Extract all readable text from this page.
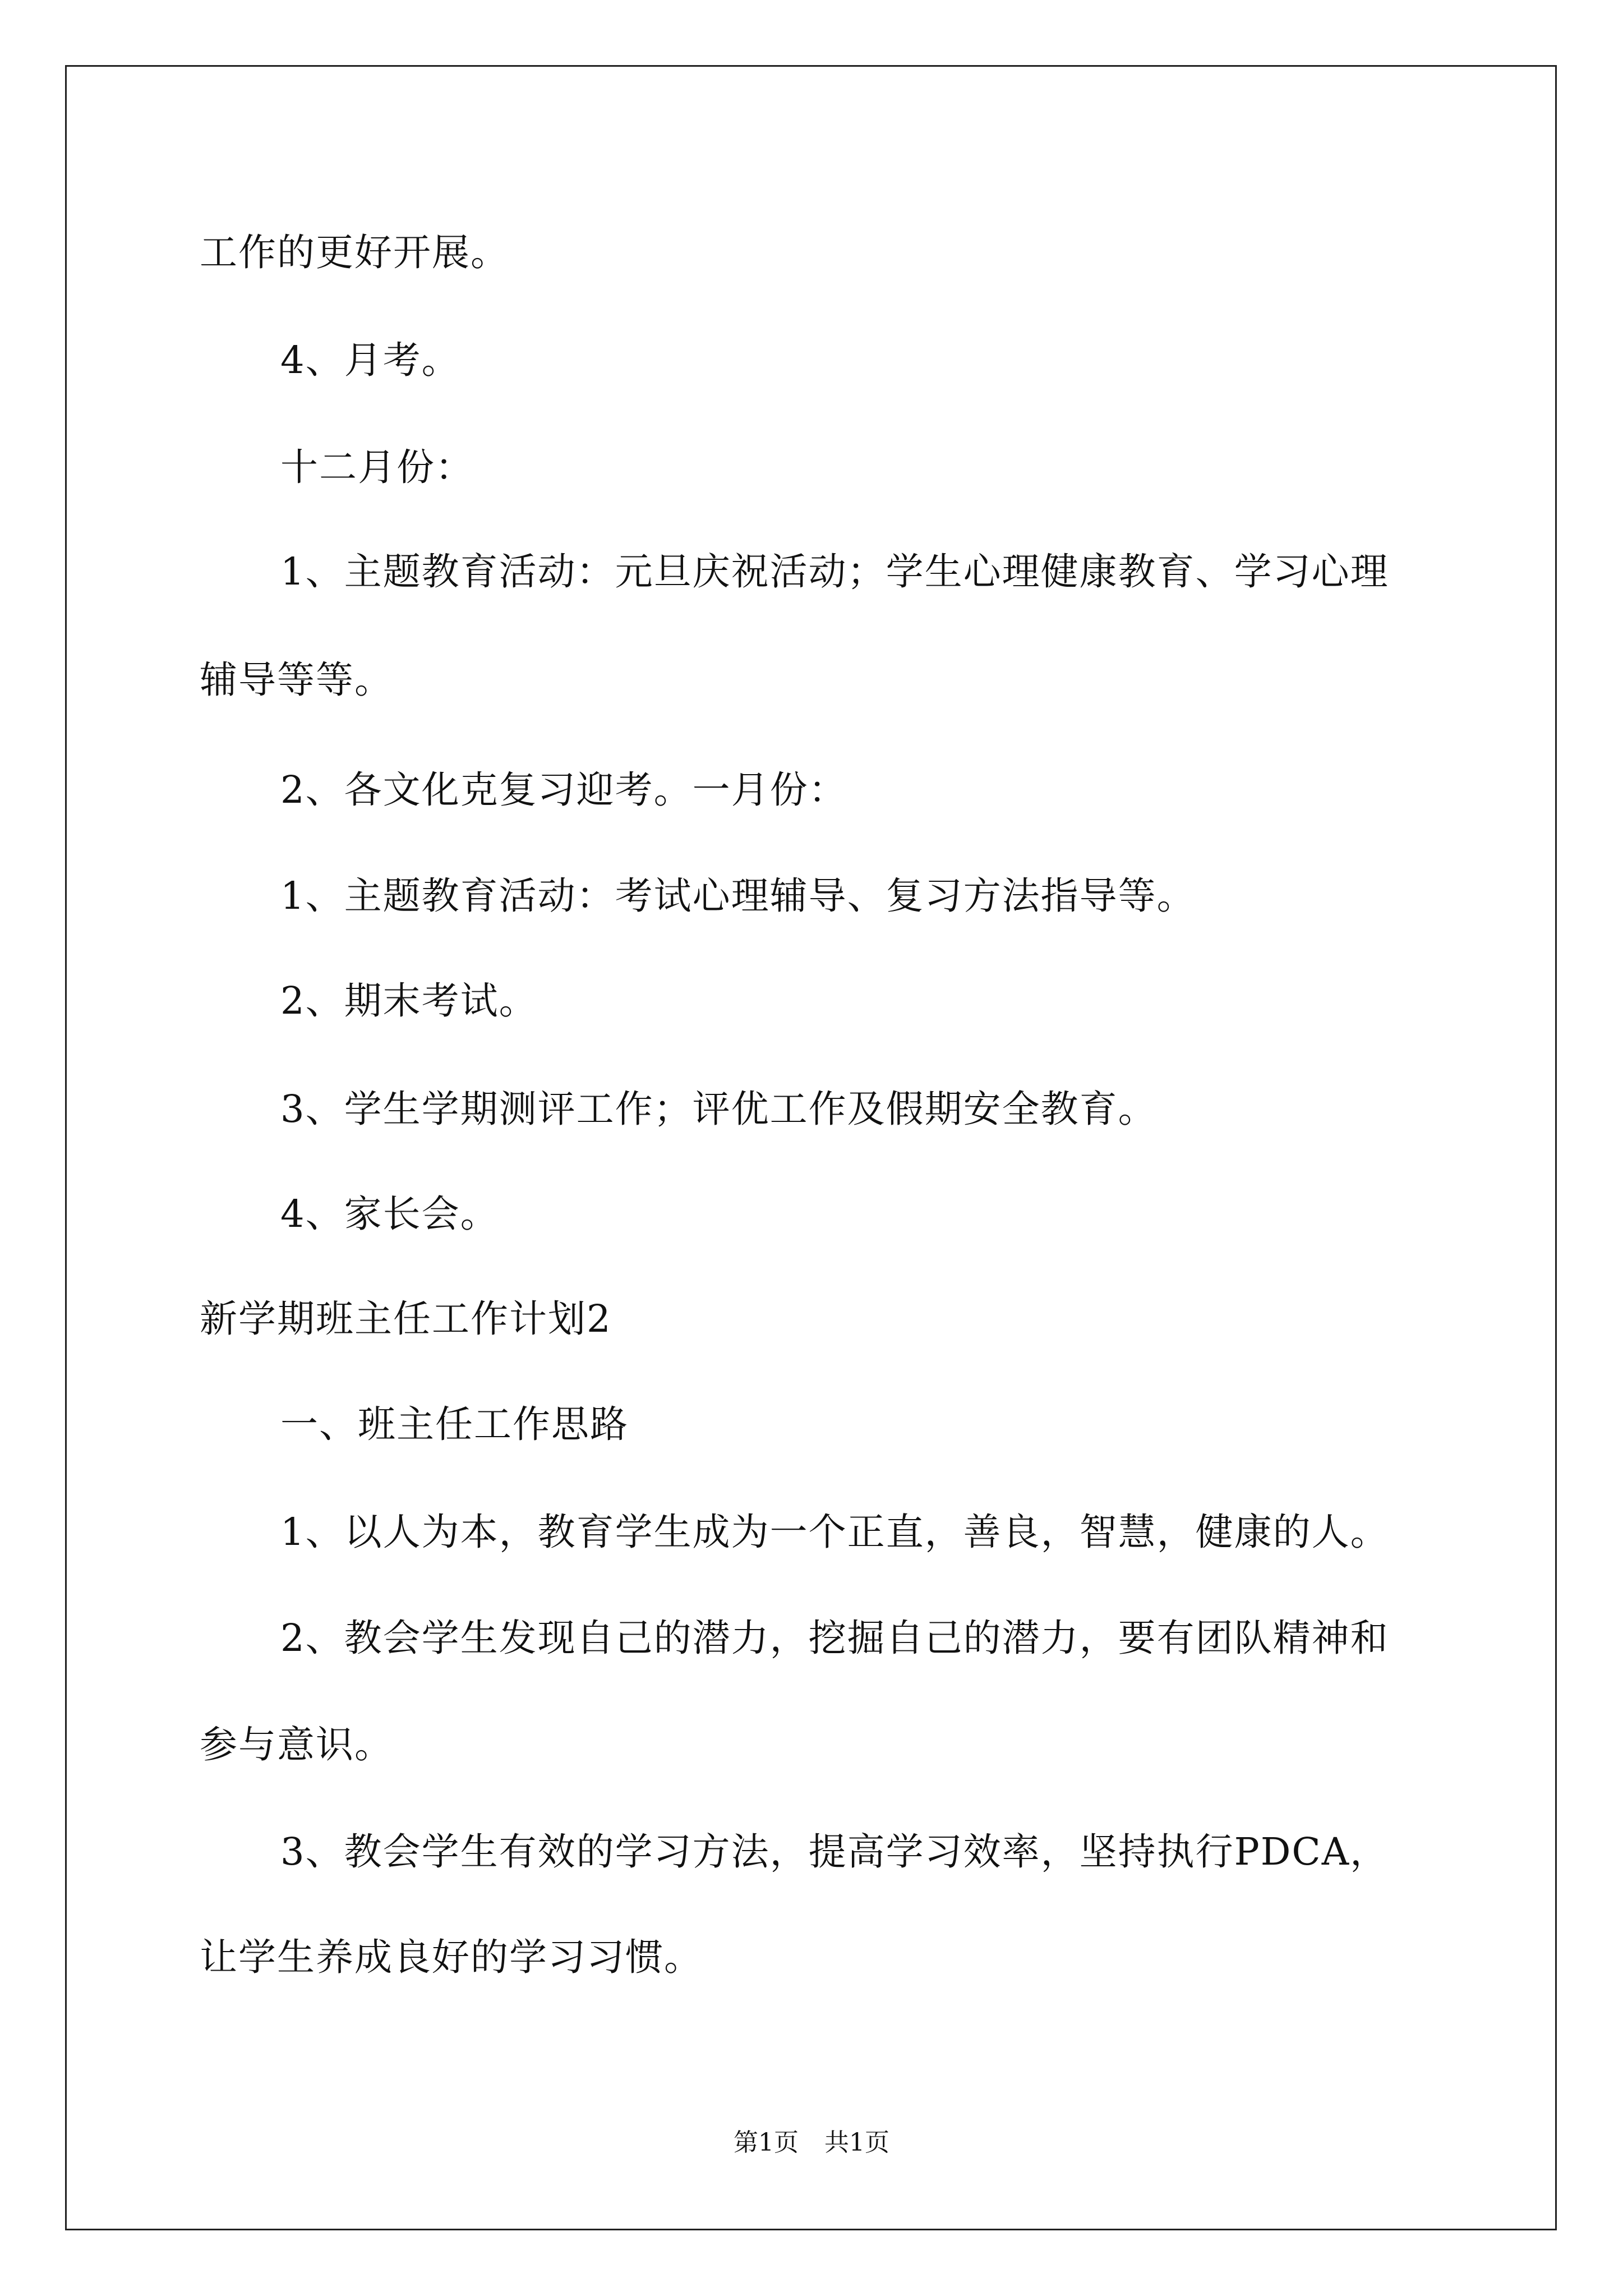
工作的更好开展。
4、月考。
十二月份：
1、主题教育活动：元旦庆祝活动；学生心理健康教育、学习心理
辅导等等。
2、各文化克复习迎考。一月份：
1、主题教育活动：考试心理辅导、复习方法指导等。
2、期末考试。
3、学生学期测评工作；评优工作及假期安全教育。
4、家长会。
新学期班主任工作计划2
一、班主任工作思路
1、以人为本，教育学生成为一个正直，善良，智慧，健康的人。
2、教会学生发现自己的潜力，挖掘自己的潜力，要有团队精神和
参与意识。
3、教会学生有效的学习方法，提高学习效率，坚持执行PDCA，
让学生养成良好的学习习惯。
第1页 共1页
